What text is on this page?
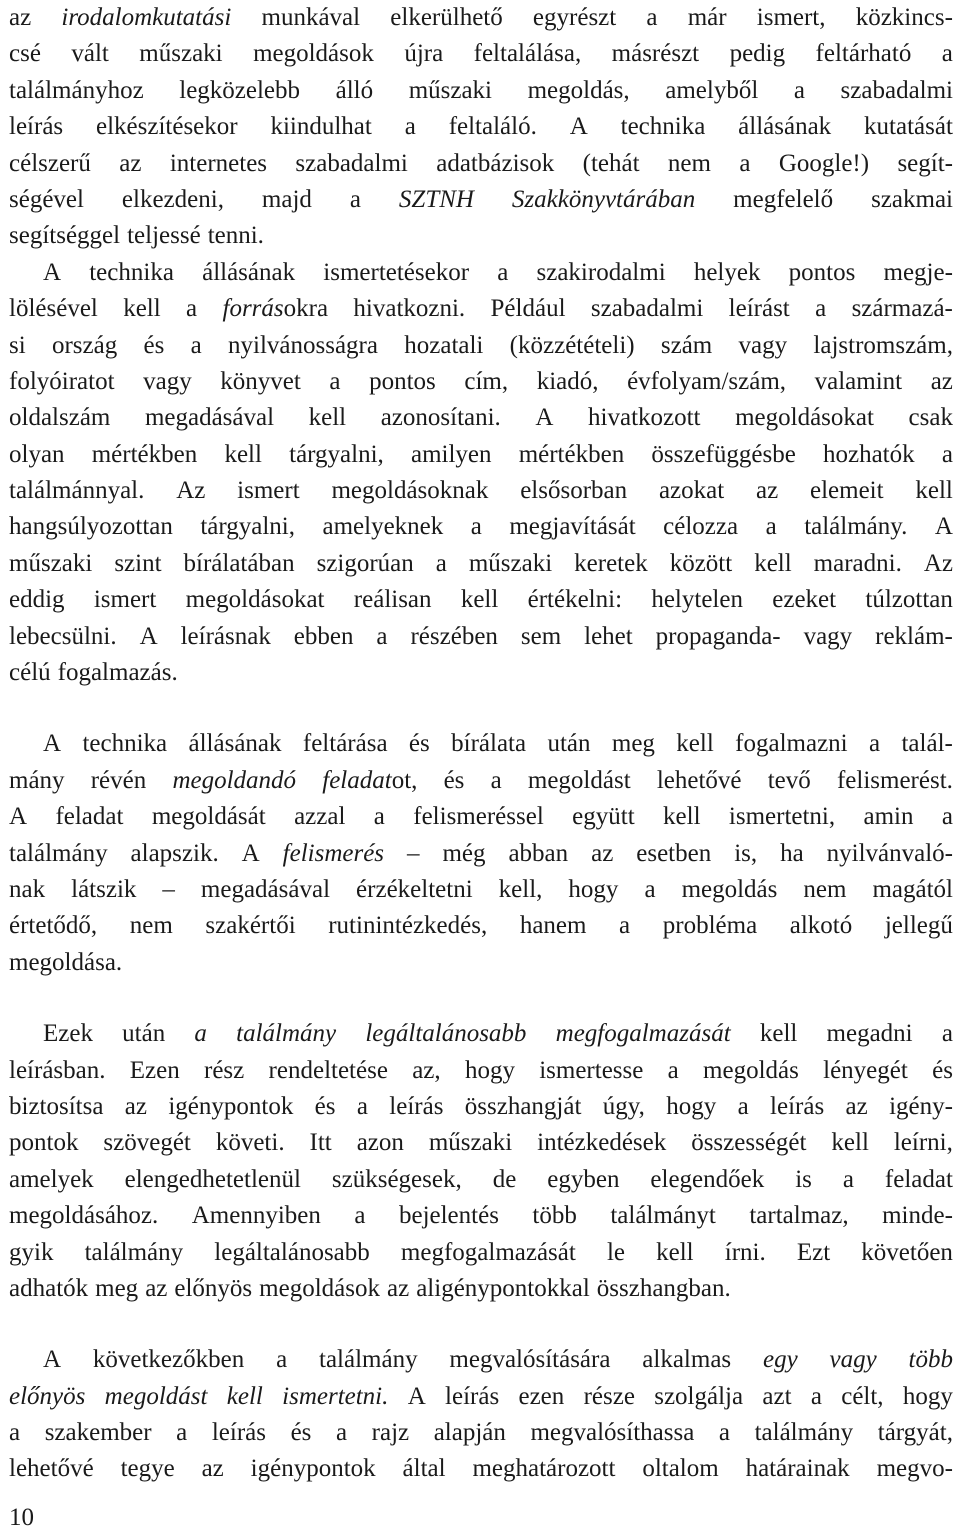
az irodalomkutatási munkával elkerülhető egyrészt a már ismert, közkincs-
csé vált műszaki megoldások újra feltalálása, másrészt pedig feltárható a
találmányhoz legközelebb álló műszaki megoldás, amelyből a szabadalmi
leírás elkészítésekor kiindulhat a feltaláló. A technika állásának kutatását
célszerű az internetes szabadalmi adatbázisok (tehát nem a Google!) segít-
ségével elkezdeni, majd a SZTNH Szakkönyvtárában megfelelő szakmai
segítséggel teljessé tenni.
A technika állásának ismertetésekor a szakirodalmi helyek pontos megje-
lölésével kell a forrásokra hivatkozni. Például szabadalmi leírást a származá-
si ország és a nyilvánosságra hozatali (közzétételi) szám vagy lajstromszám,
folyóiratot vagy könyvet a pontos cím, kiadó, évfolyam/szám, valamint az
oldalszám megadásával kell azonosítani. A hivatkozott megoldásokat csak
olyan mértékben kell tárgyalni, amilyen mértékben összefüggésbe hozhatók a
találmánnyal. Az ismert megoldásoknak elsősorban azokat az elemeit kell
hangsúlyozottan tárgyalni, amelyeknek a megjavítását célozza a találmány. A
műszaki szint bírálatában szigorúan a műszaki keretek között kell maradni. Az
eddig ismert megoldásokat reálisan kell értékelni: helytelen ezeket túlzottan
lebecsülni. A leírásnak ebben a részében sem lehet propaganda- vagy reklám-
célú fogalmazás.
A technika állásának feltárása és bírálata után meg kell fogalmazni a talál-
mány révén megoldandó feladatot, és a megoldást lehetővé tevő felismerést.
A feladat megoldását azzal a felismeréssel együtt kell ismertetni, amin a
találmány alapszik. A felismerés – még abban az esetben is, ha nyilvánvaló-
nak látszik – megadásával érzékeltetni kell, hogy a megoldás nem magától
értetődő, nem szakértői rutinintézkedés, hanem a probléma alkotó jellegű
megoldása.
Ezek után a találmány legáltalánosabb megfogalmazását kell megadni a
leírásban. Ezen rész rendeltetése az, hogy ismertesse a megoldás lényegét és
biztosítsa az igénypontok és a leírás összhangját úgy, hogy a leírás az igény-
pontok szövegét követi. Itt azon műszaki intézkedések összességét kell leírni,
amelyek elengedhetetlenül szükségesek, de egyben elegendőek is a feladat
megoldásához. Amennyiben a bejelentés több találmányt tartalmaz, minde-
gyik találmány legáltalánosabb megfogalmazását le kell írni. Ezt követően
adhatók meg az előnyös megoldások az aligénypontokkal összhangban.
A következőkben a találmány megvalósítására alkalmas egy vagy több
előnyös megoldást kell ismertetni. A leírás ezen része szolgálja azt a célt, hogy
a szakember a leírás és a rajz alapján megvalósíthassa a találmány tárgyát,
lehetővé tegye az igénypontok által meghatározott oltalom határainak megvo-
10
